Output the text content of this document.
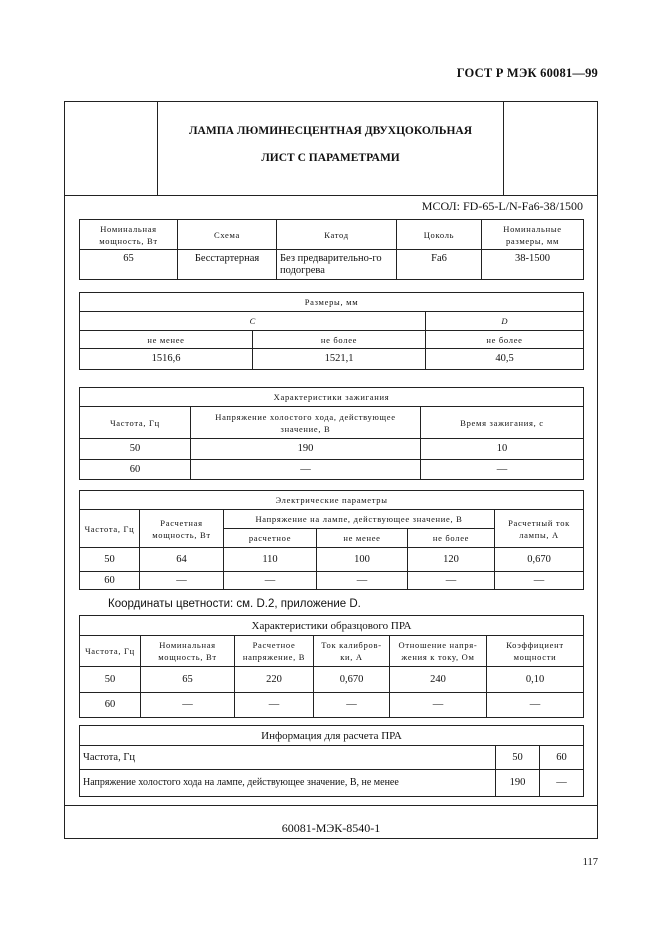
ГОСТ Р МЭК 60081—99
ЛАМПА ЛЮМИНЕСЦЕНТНАЯ ДВУХЦОКОЛЬНАЯ
ЛИСТ С ПАРАМЕТРАМИ
МСОЛ: FD-65-L/N-Fa6-38/1500
Номинальная мощность, Вт	Схема	Катод	Цоколь	Номинальные размеры, мм
65	Бесстартерная	Без предварительно-го подогрева	Fa6	38-1500
Размеры, мм		
C		D
не менее	не более	не более
1516,6	1521,1	40,5
Характеристики зажигания		
Частота, Гц	Напряжение холостого хода, действующее значение, В	Время зажигания, с
50	190	10
60	—	—
Электрические параметры					
Частота, Гц	Расчетная мощность, Вт	Напряжение на лампе, действующее значение, В			Расчетный ток лампы, А
		расчетное	не менее	не более	
50	64	110	100	120	0,670
60	—	—	—	—	—
Координаты цветности: см. D.2, приложение D.
Характеристики образцового ПРА					
Частота, Гц	Номинальная мощность, Вт	Расчетное напряжение, В	Ток калибров-ки, А	Отношение напря-жения к току, Ом	Коэффициент мощности
50	65	220	0,670	240	0,10
60	—	—	—	—	—
Информация для расчета ПРА		
Частота, Гц	50	60
Напряжение холостого хода на лампе, действующее значение, В, не менее	190	—
60081-МЭК-8540-1
117
